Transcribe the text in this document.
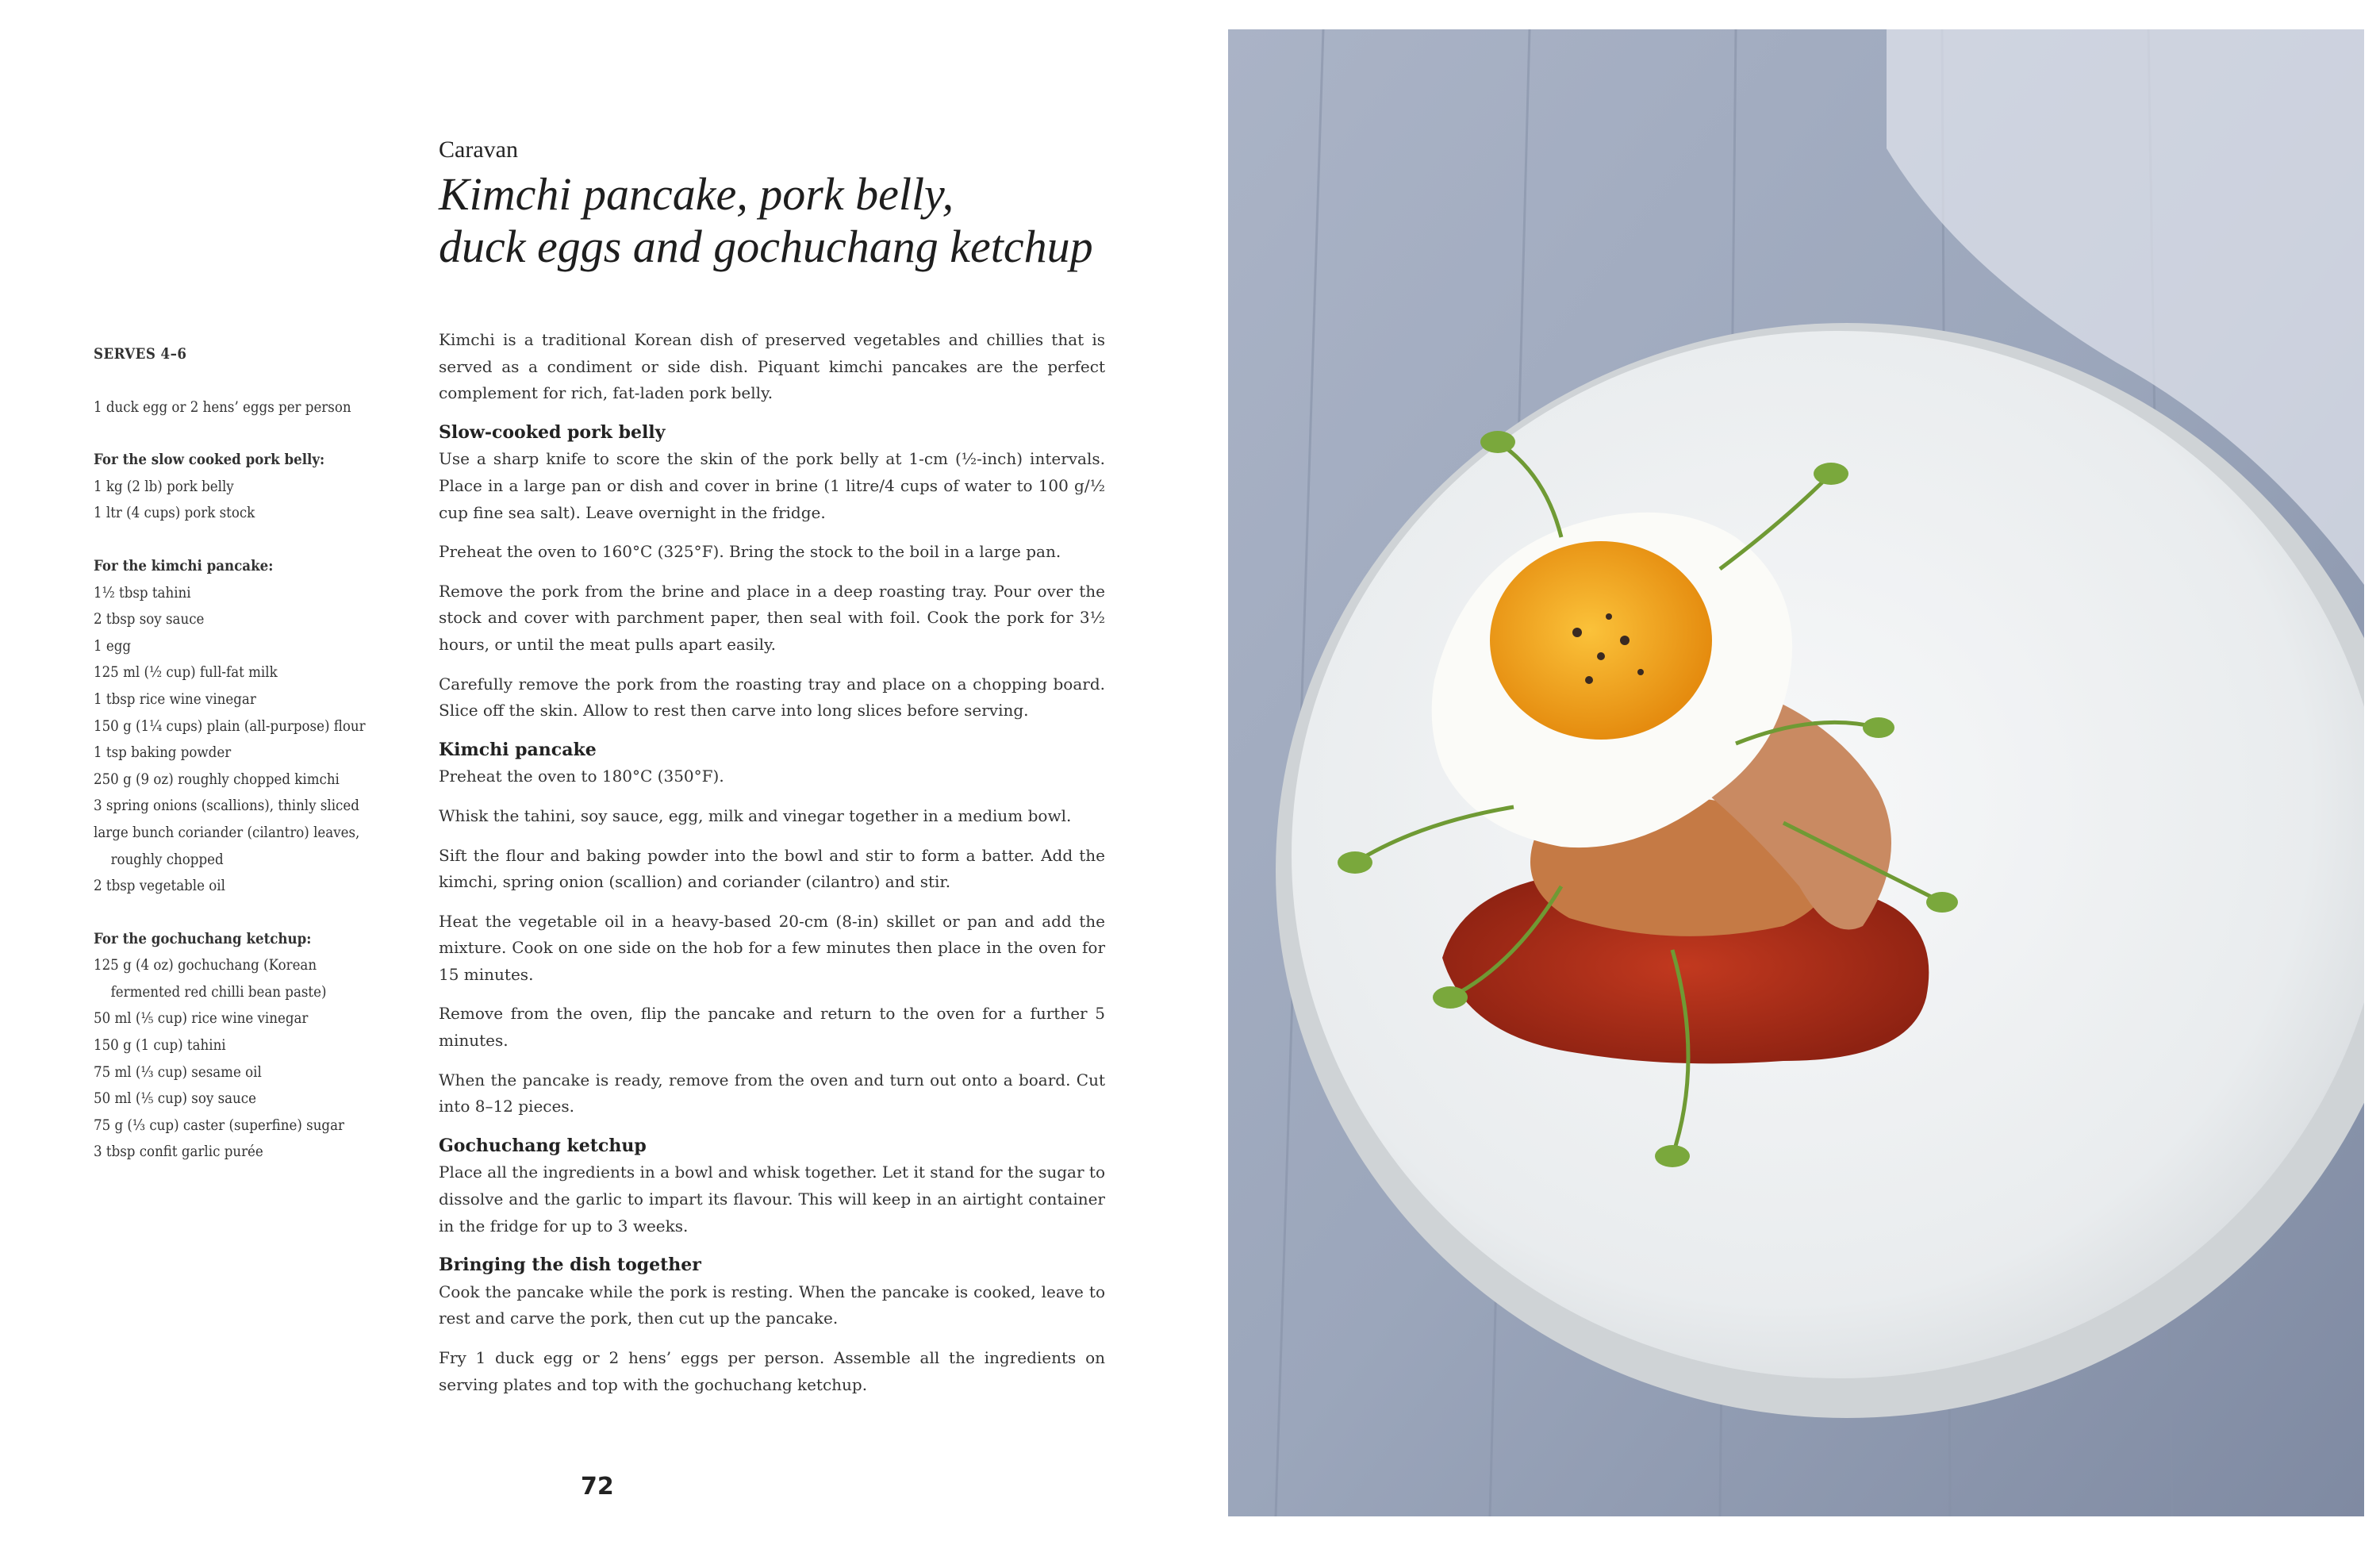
Caravan
Kimchi pancake, pork belly,
duck eggs and gochuchang ketchup
SERVES 4–6
1 duck egg or 2 hens’ eggs per person
For the slow cooked pork belly:
1 kg (2 lb) pork belly
1 ltr (4 cups) pork stock
For the kimchi pancake:
1½ tbsp tahini
2 tbsp soy sauce
1 egg
125 ml (½ cup) full-fat milk
1 tbsp rice wine vinegar
150 g (1¼ cups) plain (all-purpose) flour
1 tsp baking powder
250 g (9 oz) roughly chopped kimchi
3 spring onions (scallions), thinly sliced
large bunch coriander (cilantro) leaves, roughly chopped
2 tbsp vegetable oil
For the gochuchang ketchup:
125 g (4 oz) gochuchang (Korean fermented red chilli bean paste)
50 ml (⅕ cup) rice wine vinegar
150 g (1 cup) tahini
75 ml (⅓ cup) sesame oil
50 ml (⅕ cup) soy sauce
75 g (⅓ cup) caster (superfine) sugar
3 tbsp confit garlic purée

Kimchi is a traditional Korean dish of preserved vegetables and chillies that is served as a condiment or side dish. Piquant kimchi pancakes are the perfect complement for rich, fat-laden pork belly.

Slow-cooked pork belly

Use a sharp knife to score the skin of the pork belly at 1-cm (½-inch) intervals. Place in a large pan or dish and cover in brine (1 litre/4 cups of water to 100 g/½ cup fine sea salt). Leave overnight in the fridge.

Preheat the oven to 160°C (325°F). Bring the stock to the boil in a large pan.

Remove the pork from the brine and place in a deep roasting tray. Pour over the stock and cover with parchment paper, then seal with foil. Cook the pork for 3½ hours, or until the meat pulls apart easily.

Carefully remove the pork from the roasting tray and place on a chopping board. Slice off the skin. Allow to rest then carve into long slices before serving.

Kimchi pancake

Preheat the oven to 180°C (350°F).

Whisk the tahini, soy sauce, egg, milk and vinegar together in a medium bowl.

Sift the flour and baking powder into the bowl and stir to form a batter. Add the kimchi, spring onion (scallion) and coriander (cilantro) and stir.

Heat the vegetable oil in a heavy-based 20-cm (8-in) skillet or pan and add the mixture. Cook on one side on the hob for a few minutes then place in the oven for 15 minutes.

Remove from the oven, flip the pancake and return to the oven for a further 5 minutes.

When the pancake is ready, remove from the oven and turn out onto a board. Cut into 8–12 pieces.

Gochuchang ketchup

Place all the ingredients in a bowl and whisk together. Let it stand for the sugar to dissolve and the garlic to impart its flavour. This will keep in an airtight container in the fridge for up to 3 weeks.

Bringing the dish together

Cook the pancake while the pork is resting. When the pancake is cooked, leave to rest and carve the pork, then cut up the pancake.

Fry 1 duck egg or 2 hens’ eggs per person. Assemble all the ingredients on serving plates and top with the gochuchang ketchup.

72
